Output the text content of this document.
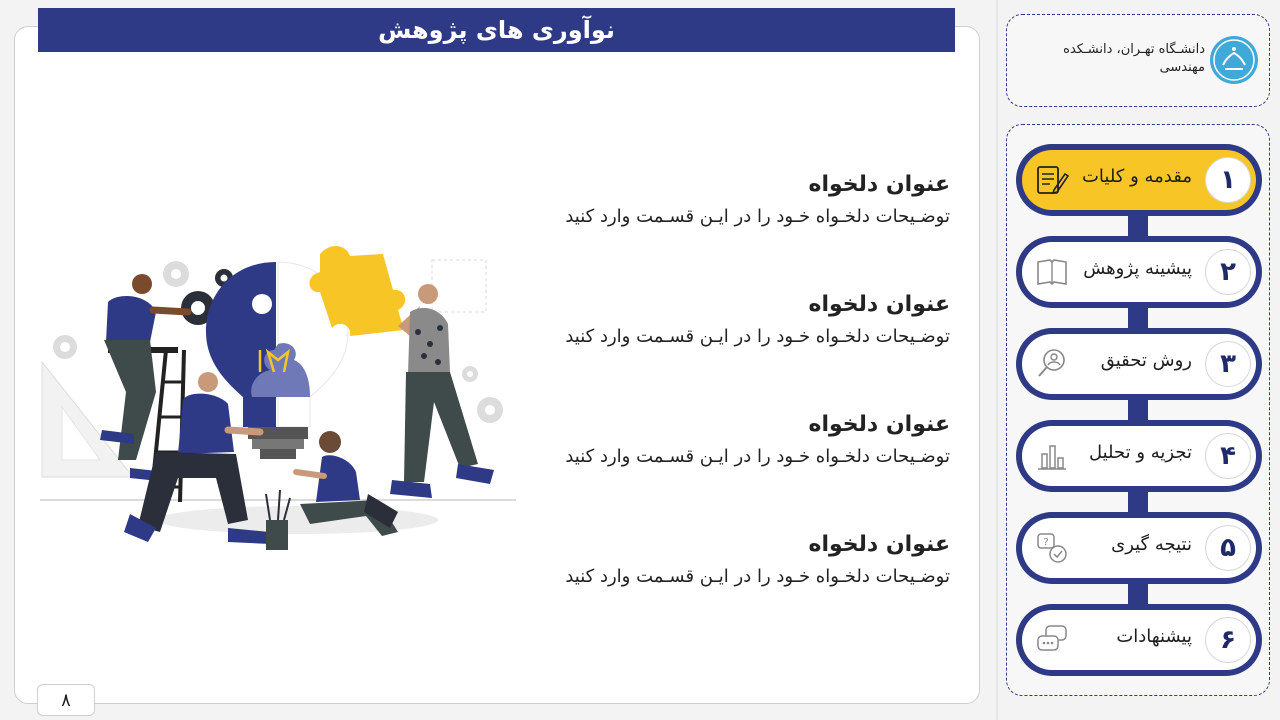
نوآوری های پژوهش
عنوان دلخواه
توضـیحات دلخـواه خـود را در ایـن قسـمت وارد کنید
عنوان دلخواه
توضـیحات دلخـواه خـود را در ایـن قسـمت وارد کنید
عنوان دلخواه
توضـیحات دلخـواه خـود را در ایـن قسـمت وارد کنید
عنوان دلخواه
توضـیحات دلخـواه خـود را در ایـن قسـمت وارد کنید
۸
دانشـگاه تهـران، دانشـکده مهندسی
۱
مقدمه و کلیات
۲
پیشینه پژوهش
۳
روش تحقیق
۴
تجزیه و تحلیل
۵
نتیجه گیری
?
۶
پیشنهادات
